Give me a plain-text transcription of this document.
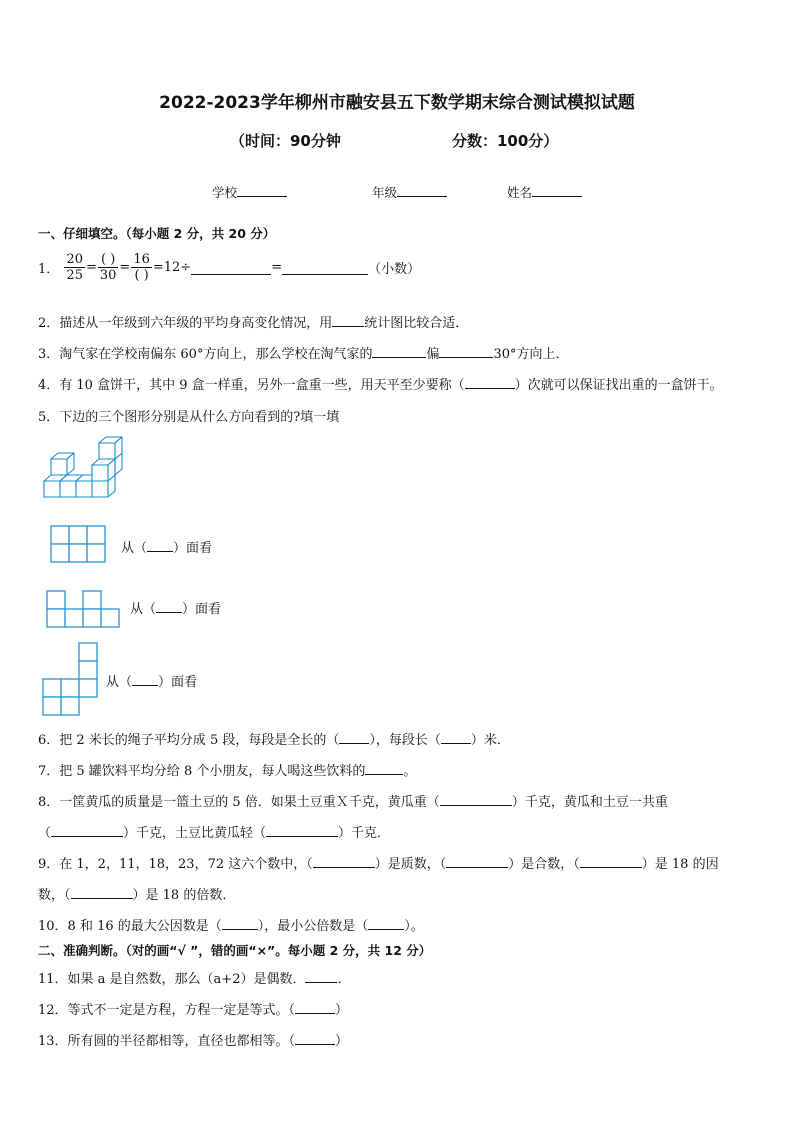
2022-2023学年柳州市融安县五下数学期末综合测试模拟试题
（时间：90分钟	分数：100分）
学校	年级	姓名
一、仔细填空。（每小题 2 分，共 20 分）
1． $\frac{20}{25} = \frac{( )}{30} = \frac{16}{( )} =12\div$	=	（小数）
2．描述从一年级到六年级的平均身高变化情况，用 统计图比较合适．
3．淘气家在学校南偏东 60°方向上，那么学校在淘气家的	偏	30°方向上．
4．有 10 盒饼干，其中 9 盒一样重，另外一盒重一些，用天平至少要称（	）次就可以保证找出重的一盒饼干。
5．下边的三个图形分别是从什么方向看到的?填一填
从（ ）面看
从（ ）面看
从（ ）面看
6．把 2 米长的绳子平均分成 5 段，每段是全长的（ ），每段长（ ）米．
7．把 5 罐饮料平均分给 8 个小朋友，每人喝这些饮料的	。
8．一筐黄瓜的质量是一篮土豆的 5 倍．如果土豆重Ｘ千克，黄瓜重（	）千克，黄瓜和土豆一共重
（	）千克，土豆比黄瓜轻（	）千克．
9．在 1，2，11，18，23，72 这六个数中，（	）是质数，（	）是合数，（	）是 18 的因
数，（	）是 18 的倍数．
10．8 和 16 的最大公因数是（	），最小公倍数是（	）。
二、准确判断。（对的画“√ ”，错的画“×”。每小题 2 分，共 12 分）
11．如果 a 是自然数，那么（a+2）是偶数． ．
12．等式不一定是方程，方程一定是等式。（	）
13．所有圆的半径都相等，直径也都相等。（	）
